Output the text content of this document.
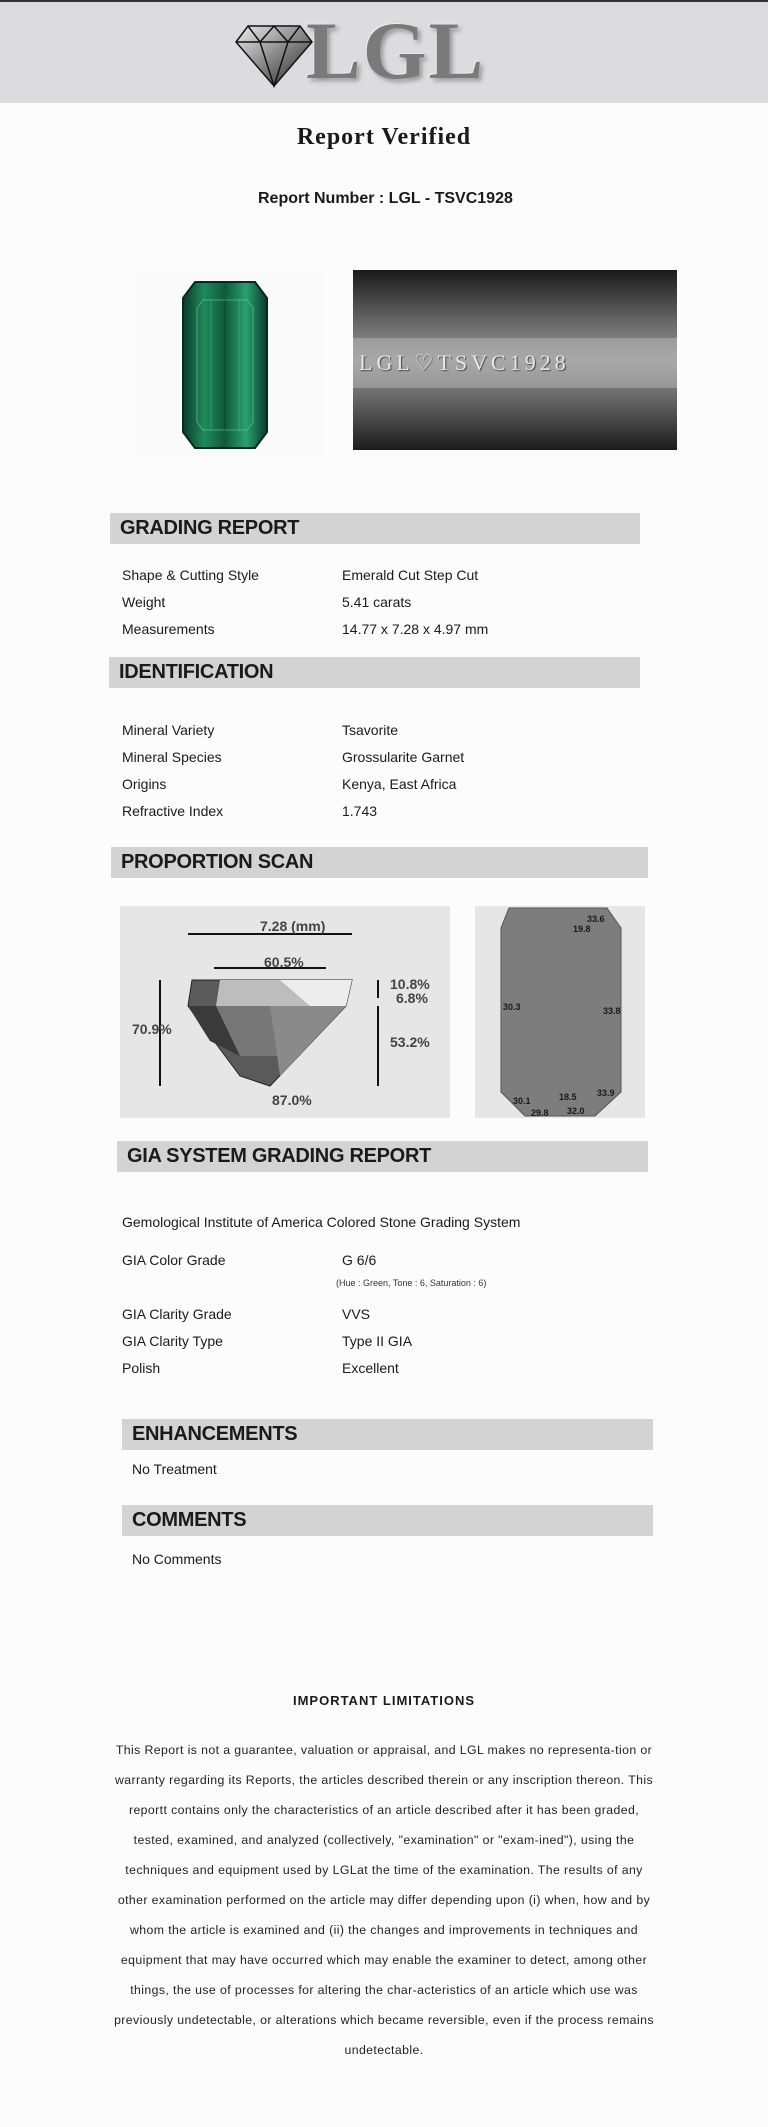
LGL
Report Verified
Report Number : LGL - TSVC1928
LGL♡TSVC1928
GRADING REPORT
Shape & Cutting Style	Emerald Cut Step Cut
Weight	5.41 carats
Measurements	14.77 x 7.28 x 4.97 mm
IDENTIFICATION
Mineral Variety	Tsavorite
Mineral Species	Grossularite Garnet
Origins	Kenya, East Africa
Refractive Index	1.743
PROPORTION SCAN
7.28 (mm)
60.5%
70.9%
10.8%
6.8%
53.2%
87.0%
33.6
19.8
30.3	33.8
30.1	18.5 33.9
29.8 32.0
GIA SYSTEM GRADING REPORT
Gemological Institute of America Colored Stone Grading System
GIA Color Grade	G 6/6
(Hue : Green, Tone : 6, Saturation : 6)
GIA Clarity Grade	VVS
GIA Clarity Type	Type II GIA
Polish	Excellent
ENHANCEMENTS
No Treatment
COMMENTS
No Comments
IMPORTANT LIMITATIONS
This Report is not a guarantee, valuation or appraisal, and LGL makes no representa-tion or warranty regarding its Reports, the articles described therein or any inscription thereon. This reportt contains only the characteristics of an article described after it has been graded, tested, examined, and analyzed (collectively, "examination" or "exam-ined"), using the techniques and equipment used by LGLat the time of the examination. The results of any other examination performed on the article may differ depending upon (i) when, how and by whom the article is examined and (ii) the changes and improvements in techniques and equipment that may have occurred which may enable the examiner to detect, among other things, the use of processes for altering the char-acteristics of an article which use was previously undetectable, or alterations which became reversible, even if the process remains undetectable.
